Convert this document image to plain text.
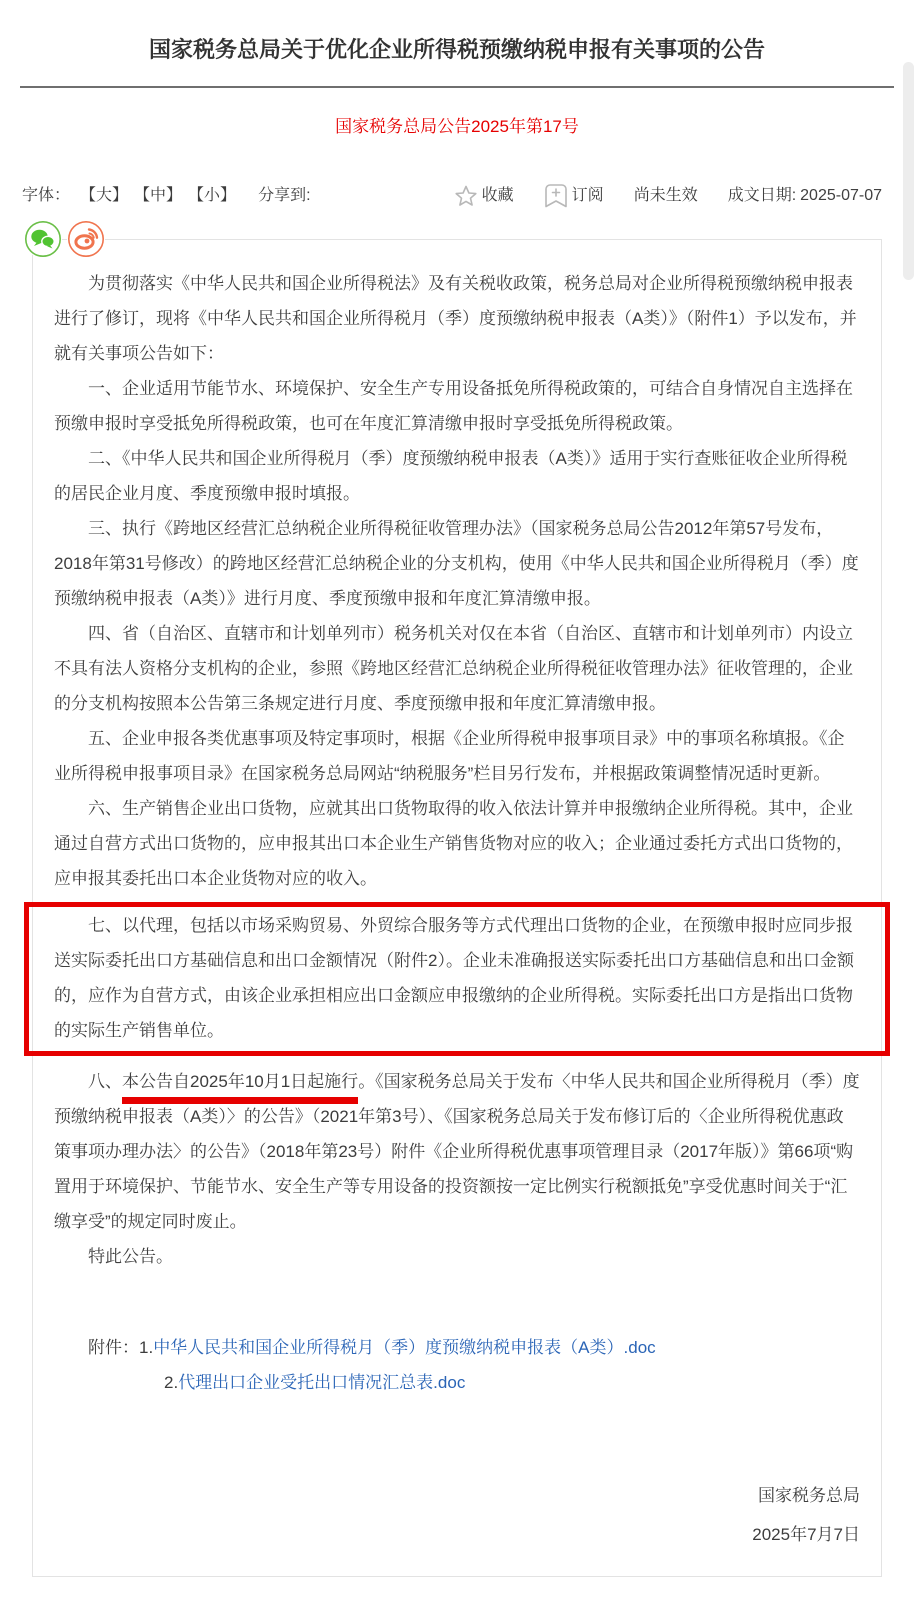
国家税务总局关于优化企业所得税预缴纳税申报有关事项的公告
国家税务总局公告2025年第17号
字体： 【大】 【中】 【小】 分享到:	收藏	订阅 尚未生效 成文日期: 2025-07-07

为贯彻落实《中华人民共和国企业所得税法》及有关税收政策，税务总局对企业所得税预缴纳税申报表进行了修订，现将《中华人民共和国企业所得税月（季）度预缴纳税申报表（A类）》（附件1）予以发布，并就有关事项公告如下：

一、企业适用节能节水、环境保护、安全生产专用设备抵免所得税政策的，可结合自身情况自主选择在预缴申报时享受抵免所得税政策，也可在年度汇算清缴申报时享受抵免所得税政策。

二、《中华人民共和国企业所得税月（季）度预缴纳税申报表（A类）》适用于实行查账征收企业所得税的居民企业月度、季度预缴申报时填报。

三、执行《跨地区经营汇总纳税企业所得税征收管理办法》（国家税务总局公告2012年第57号发布，2018年第31号修改）的跨地区经营汇总纳税企业的分支机构，使用《中华人民共和国企业所得税月（季）度预缴纳税申报表（A类）》进行月度、季度预缴申报和年度汇算清缴申报。

四、省（自治区、直辖市和计划单列市）税务机关对仅在本省（自治区、直辖市和计划单列市）内设立不具有法人资格分支机构的企业，参照《跨地区经营汇总纳税企业所得税征收管理办法》征收管理的，企业的分支机构按照本公告第三条规定进行月度、季度预缴申报和年度汇算清缴申报。

五、企业申报各类优惠事项及特定事项时，根据《企业所得税申报事项目录》中的事项名称填报。《企业所得税申报事项目录》在国家税务总局网站“纳税服务”栏目另行发布，并根据政策调整情况适时更新。

六、生产销售企业出口货物，应就其出口货物取得的收入依法计算并申报缴纳企业所得税。其中，企业通过自营方式出口货物的，应申报其出口本企业生产销售货物对应的收入；企业通过委托方式出口货物的，应申报其委托出口本企业货物对应的收入。

七、以代理，包括以市场采购贸易、外贸综合服务等方式代理出口货物的企业，在预缴申报时应同步报送实际委托出口方基础信息和出口金额情况（附件2）。企业未准确报送实际委托出口方基础信息和出口金额的，应作为自营方式，由该企业承担相应出口金额应申报缴纳的企业所得税。实际委托出口方是指出口货物的实际生产销售单位。

八、本公告自2025年10月1日起施行。《国家税务总局关于发布〈中华人民共和国企业所得税月（季）度预缴纳税申报表（A类）〉的公告》（2021年第3号）、《国家税务总局关于发布修订后的〈企业所得税优惠政策事项办理办法〉的公告》（2018年第23号）附件《企业所得税优惠事项管理目录（2017年版）》第66项“购置用于环境保护、节能节水、安全生产等专用设备的投资额按一定比例实行税额抵免”享受优惠时间关于“汇缴享受”的规定同时废止。

特此公告。

附件：1.中华人民共和国企业所得税月（季）度预缴纳税申报表（A类）.doc

2.代理出口企业受托出口情况汇总表.doc

国家税务总局
2025年7月7日
